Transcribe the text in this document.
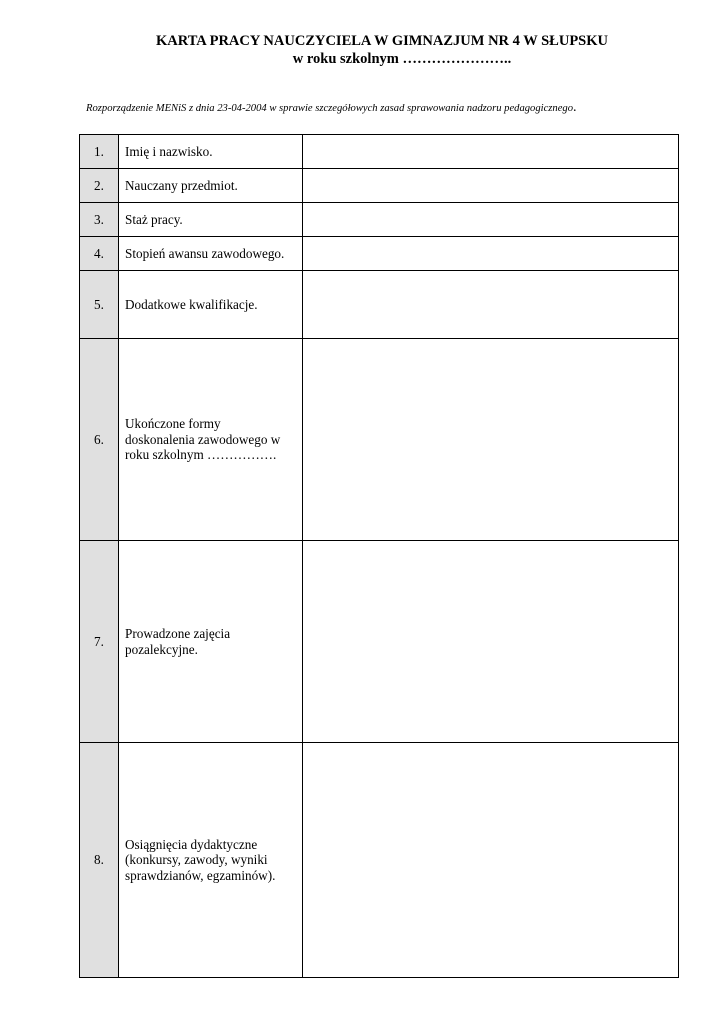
KARTA PRACY NAUCZYCIELA W GIMNAZJUM NR 4 W SŁUPSKU
w roku szkolnym …………………..
Rozporządzenie MENiS z dnia 23-04-2004 w sprawie szczegółowych zasad sprawowania nadzoru pedagogicznego.
1.	Imię i nazwisko.	
2.	Nauczany przedmiot.	
3.	Staż pracy.	
4.	Stopień awansu zawodowego.	
5.	Dodatkowe kwalifikacje.	
6.	Ukończone formy
doskonalenia zawodowego w
roku szkolnym …………….	

7.	Prowadzone zajęcia
pozalekcyjne.	

8.	Osiągnięcia dydaktyczne
(konkursy, zawody, wyniki
sprawdzianów, egzaminów).	
